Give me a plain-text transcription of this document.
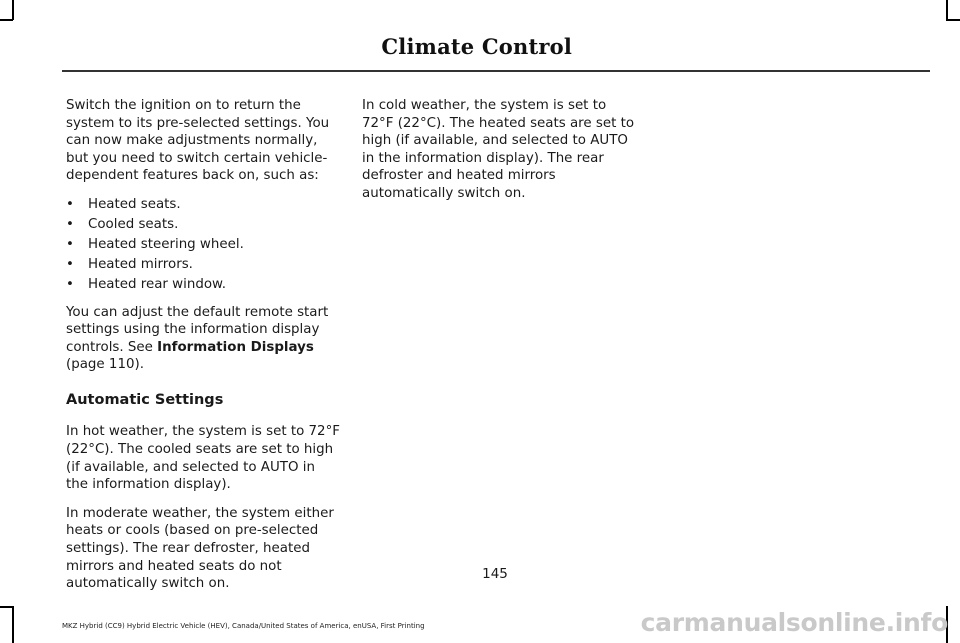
Climate Control

Switch the ignition on to return the system to its pre-selected settings. You can now make adjustments normally, but you need to switch certain vehicle-dependent features back on, such as:

• Heated seats.
• Cooled seats.
• Heated steering wheel.
• Heated mirrors.
• Heated rear window.

You can adjust the default remote start settings using the information display controls. See Information Displays (page 110).

Automatic Settings

In hot weather, the system is set to 72°F (22°C). The cooled seats are set to high (if available, and selected to AUTO in the information display).

In moderate weather, the system either heats or cools (based on pre-selected settings). The rear defroster, heated mirrors and heated seats do not automatically switch on.

In cold weather, the system is set to 72°F (22°C). The heated seats are set to high (if available, and selected to AUTO in the information display). The rear defroster and heated mirrors automatically switch on.

145
MKZ Hybrid (CC9) Hybrid Electric Vehicle (HEV), Canada/United States of America, enUSA, First Printing	carmanualsonline.info
